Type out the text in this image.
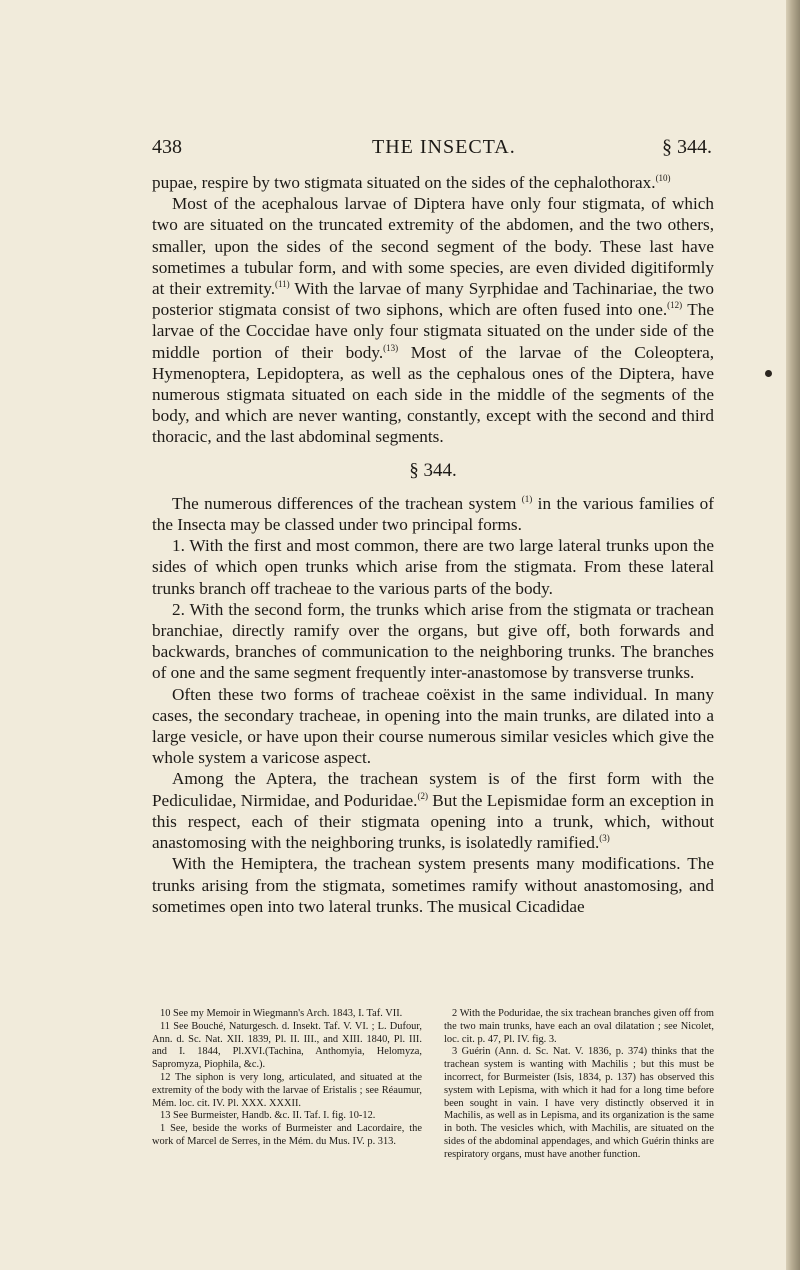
438	THE INSECTA.	§ 344.

pupae, respire by two stigmata situated on the sides of the cephalothorax.$^{(10)}$

Most of the acephalous larvae of Diptera have only four stigmata, of which two are situated on the truncated extremity of the abdomen, and the two others, smaller, upon the sides of the second segment of the body. These last have sometimes a tubular form, and with some species, are even divided digitiformly at their extremity.$^{(11)}$ With the larvae of many Syrphidae and Tachinariae, the two posterior stigmata consist of two siphons, which are often fused into one.$^{(12)}$ The larvae of the Coccidae have only four stigmata situated on the under side of the middle portion of their body.$^{(13)}$ Most of the larvae of the Coleoptera, Hymenoptera, Lepidoptera, as well as the cephalous ones of the Diptera, have numerous stigmata situated on each side in the middle of the segments of the body, and which are never wanting, constantly, except with the second and third thoracic, and the last abdominal segments.

§ 344.

The numerous differences of the trachean system $^{(1)}$ in the various families of the Insecta may be classed under two principal forms.

1. With the first and most common, there are two large lateral trunks upon the sides of which open trunks which arise from the stigmata. From these lateral trunks branch off tracheae to the various parts of the body.

2. With the second form, the trunks which arise from the stigmata or trachean branchiae, directly ramify over the organs, but give off, both forwards and backwards, branches of communication to the neighboring trunks. The branches of one and the same segment frequently inter-anastomose by transverse trunks.

Often these two forms of tracheae coëxist in the same individual. In many cases, the secondary tracheae, in opening into the main trunks, are dilated into a large vesicle, or have upon their course numerous similar vesicles which give the whole system a varicose aspect.

Among the Aptera, the trachean system is of the first form with the Pediculidae, Nirmidae, and Poduridae.$^{(2)}$ But the Lepismidae form an exception in this respect, each of their stigmata opening into a trunk, which, without anastomosing with the neighboring trunks, is isolatedly ramified.$^{(3)}$

With the Hemiptera, the trachean system presents many modifications. The trunks arising from the stigmata, sometimes ramify without anastomosing, and sometimes open into two lateral trunks. The musical Cicadidae

10 See my Memoir in Wiegmann's Arch. 1843, I. Taf. VII.

11 See Bouché, Naturgesch. d. Insekt. Taf. V. VI. ; L. Dufour, Ann. d. Sc. Nat. XII. 1839, Pl. II. III., and XIII. 1840, Pl. III. and I. 1844, Pl.XVI.(Tachina, Anthomyia, Helomyza, Sapromyza, Piophila, &c.).

12 The siphon is very long, articulated, and situated at the extremity of the body with the larvae of Eristalis ; see Réaumur, Mém. loc. cit. IV. Pl. XXX. XXXII.

13 See Burmeister, Handb. &c. II. Taf. I. fig. 10-12.

1 See, beside the works of Burmeister and Lacordaire, the work of Marcel de Serres, in the Mém. du Mus. IV. p. 313.

2 With the Poduridae, the six trachean branches given off from the two main trunks, have each an oval dilatation ; see Nicolet, loc. cit. p. 47, Pl. IV. fig. 3.

3 Guérin (Ann. d. Sc. Nat. V. 1836, p. 374) thinks that the trachean system is wanting with Machilis ; but this must be incorrect, for Burmeister (Isis, 1834, p. 137) has observed this system with Lepisma, with which it had for a long time before been sought in vain. I have very distinctly observed it in Machilis, as well as in Lepisma, and its organization is the same in both. The vesicles which, with Machilis, are situated on the sides of the abdominal appendages, and which Guérin thinks are respiratory organs, must have another function.
